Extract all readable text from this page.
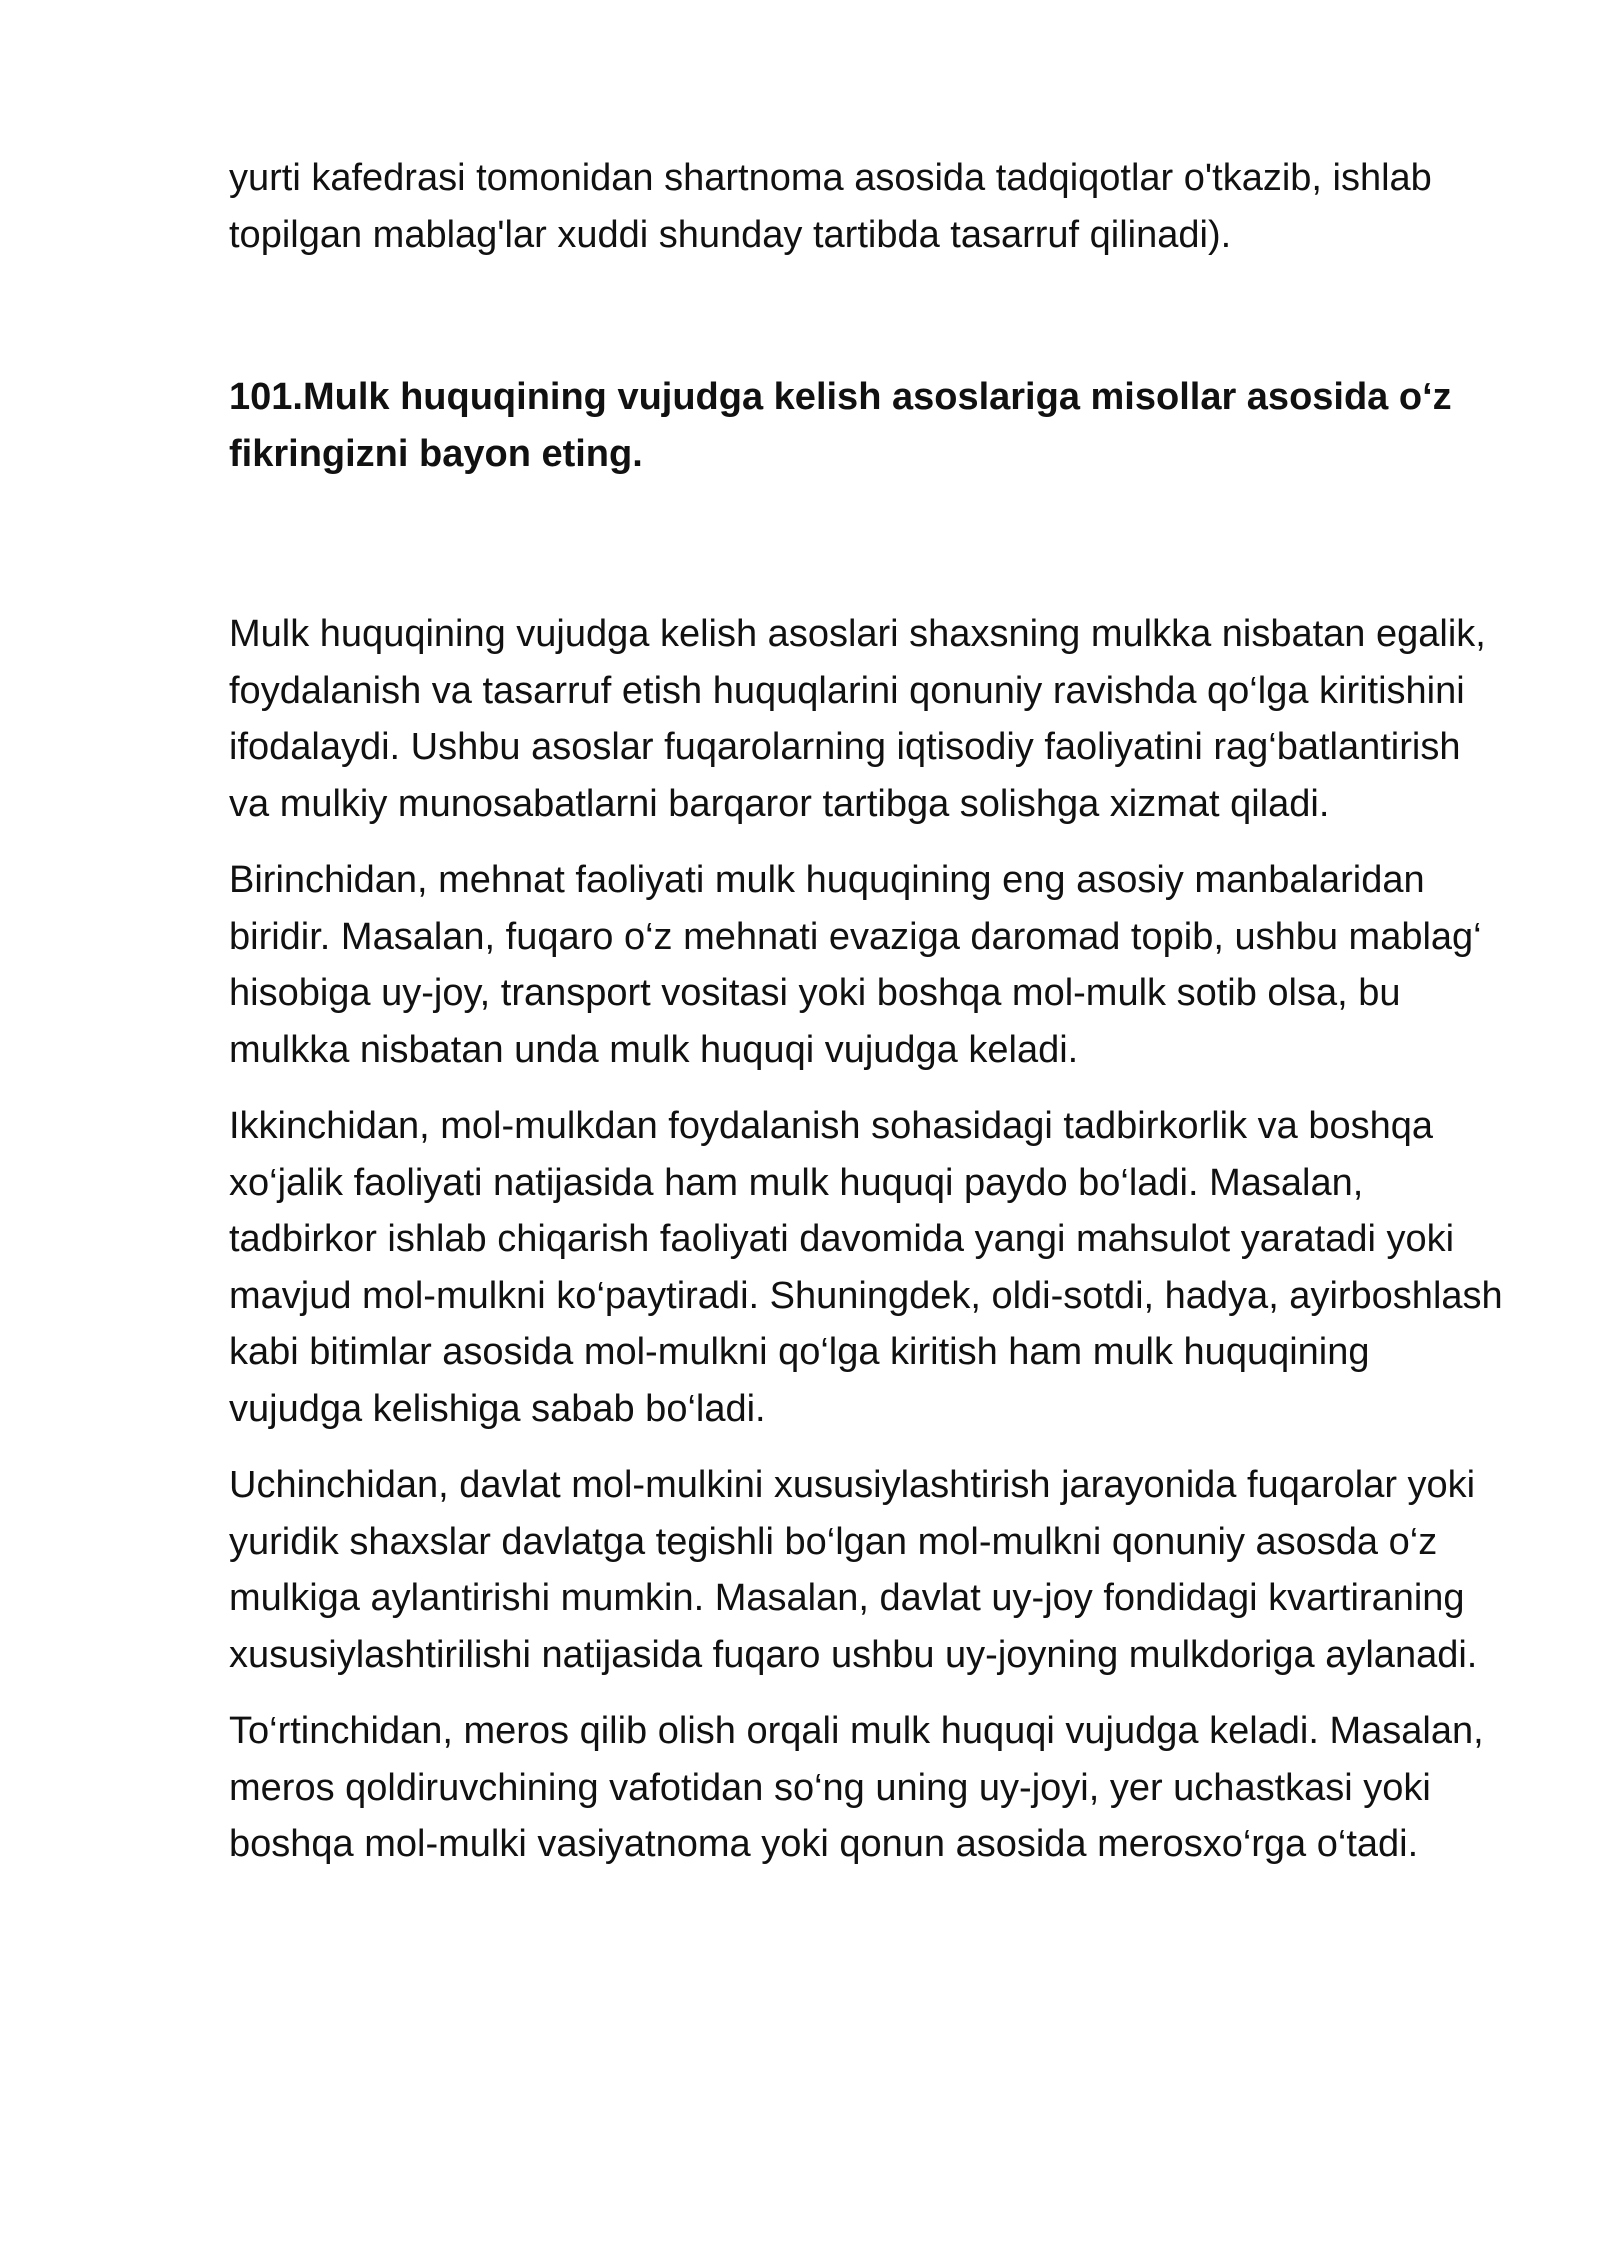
yurti kafedrasi tomonidan shartnoma asosida tadqiqotlar o'tkazib, ishlab topilgan mablag'lar xuddi shunday tartibda tasarruf qilinadi).

101.Mulk huquqining vujudga kelish asoslariga misollar asosida o‘z fikringizni bayon eting.

Mulk huquqining vujudga kelish asoslari shaxsning mulkka nisbatan egalik, foydalanish va tasarruf etish huquqlarini qonuniy ravishda qo‘lga kiritishini ifodalaydi. Ushbu asoslar fuqarolarning iqtisodiy faoliyatini rag‘batlantirish va mulkiy munosabatlarni barqaror tartibga solishga xizmat qiladi.

Birinchidan, mehnat faoliyati mulk huquqining eng asosiy manbalaridan biridir. Masalan, fuqaro o‘z mehnati evaziga daromad topib, ushbu mablag‘ hisobiga uy-joy, transport vositasi yoki boshqa mol-mulk sotib olsa, bu mulkka nisbatan unda mulk huquqi vujudga keladi.

Ikkinchidan, mol-mulkdan foydalanish sohasidagi tadbirkorlik va boshqa xo‘jalik faoliyati natijasida ham mulk huquqi paydo bo‘ladi. Masalan, tadbirkor ishlab chiqarish faoliyati davomida yangi mahsulot yaratadi yoki mavjud mol-mulkni ko‘paytiradi. Shuningdek, oldi-sotdi, hadya, ayirboshlash kabi bitimlar asosida mol-mulkni qo‘lga kiritish ham mulk huquqining vujudga kelishiga sabab bo‘ladi.

Uchinchidan, davlat mol-mulkini xususiylashtirish jarayonida fuqarolar yoki yuridik shaxslar davlatga tegishli bo‘lgan mol-mulkni qonuniy asosda o‘z mulkiga aylantirishi mumkin. Masalan, davlat uy-joy fondidagi kvartiraning xususiylashtirilishi natijasida fuqaro ushbu uy-joyning mulkdoriga aylanadi.

To‘rtinchidan, meros qilib olish orqali mulk huquqi vujudga keladi. Masalan, meros qoldiruvchining vafotidan so‘ng uning uy-joyi, yer uchastkasi yoki boshqa mol-mulki vasiyatnoma yoki qonun asosida merosxo‘rga o‘tadi.
